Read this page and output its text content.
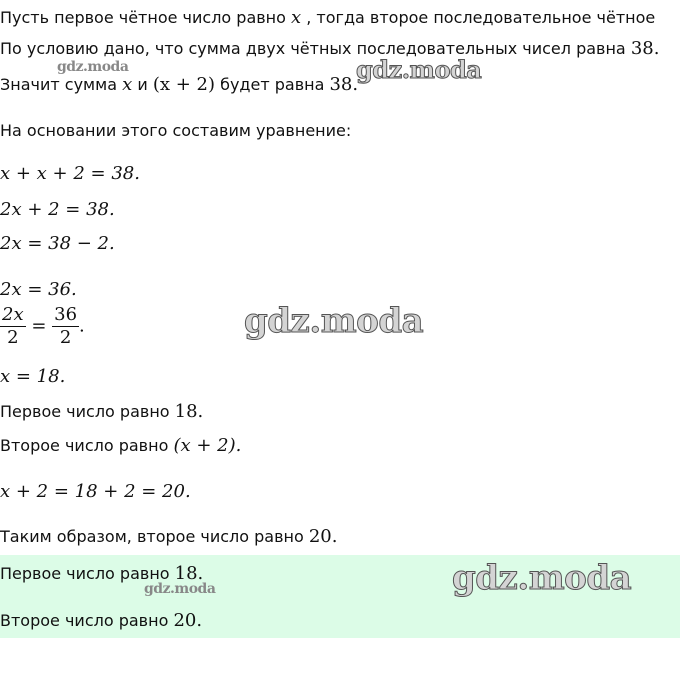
Пусть первое чётное число равно x , тогда второе последовательное чётное
По условию дано, что сумма двух чётных последовательных чисел равна 38.
Значит сумма x и (x + 2) будет равна 38.
На основании этого составим уравнение:
x + x + 2 = 38.
2x + 2 = 38.
2x = 38 − 2.
2x = 36.
$\frac{2x}{2} = \frac{36}{2}$ .
x = 18.
Первое число равно 18.
Второе число равно (x + 2).
x + 2 = 18 + 2 = 20.
Таким образом, второе число равно 20.
Первое число равно 18.
Второе число равно 20.
gdz.moda	gdz.moda
gdz.moda
gdz.moda
gdz.moda
